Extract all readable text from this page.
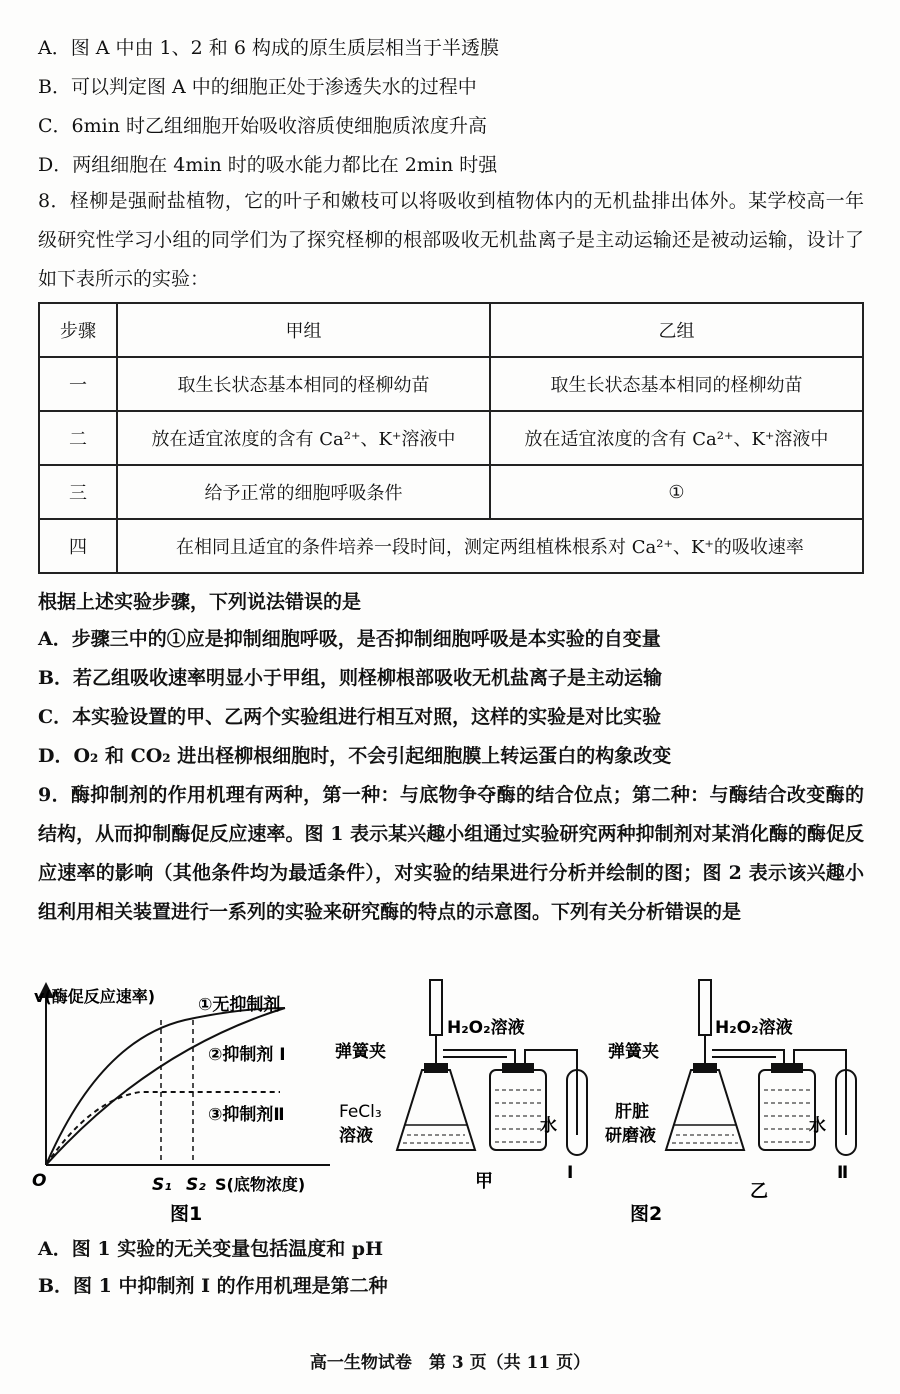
A．图 A 中由 1、2 和 6 构成的原生质层相当于半透膜
B．可以判定图 A 中的细胞正处于渗透失水的过程中
C．6min 时乙组细胞开始吸收溶质使细胞质浓度升高
D．两组细胞在 4min 时的吸水能力都比在 2min 时强
8．柽柳是强耐盐植物，它的叶子和嫩枝可以将吸收到植物体内的无机盐排出体外。某学校高一年级研究性学习小组的同学们为了探究柽柳的根部吸收无机盐离子是主动运输还是被动运输，设计了如下表所示的实验：
步骤	甲组	乙组
一	取生长状态基本相同的柽柳幼苗	取生长状态基本相同的柽柳幼苗
二	放在适宜浓度的含有 Ca²⁺、K⁺溶液中	放在适宜浓度的含有 Ca²⁺、K⁺溶液中
三	给予正常的细胞呼吸条件	①
四	在相同且适宜的条件培养一段时间，测定两组植株根系对 Ca²⁺、K⁺的吸收速率	
根据上述实验步骤，下列说法错误的是
A．步骤三中的①应是抑制细胞呼吸，是否抑制细胞呼吸是本实验的自变量
B．若乙组吸收速率明显小于甲组，则柽柳根部吸收无机盐离子是主动运输
C．本实验设置的甲、乙两个实验组进行相互对照，这样的实验是对比实验
D．O₂ 和 CO₂ 进出柽柳根细胞时，不会引起细胞膜上转运蛋白的构象改变
9．酶抑制剂的作用机理有两种，第一种：与底物争夺酶的结合位点；第二种：与酶结合改变酶的结构，从而抑制酶促反应速率。图 1 表示某兴趣小组通过实验研究两种抑制剂对某消化酶的酶促反应速率的影响（其他条件均为最适条件），对实验的结果进行分析并绘制的图；图 2 表示该兴趣小组利用相关装置进行一系列的实验来研究酶的特点的示意图。下列有关分析错误的是
v(酶促反应速率)	①无抑制剂
②抑制剂 I
③抑制剂Ⅱ
O	S₁ S₂ S(底物浓度)
图1
H₂O₂溶液
弹簧夹
FeCl₃
溶液	水
I
甲
H₂O₂溶液
弹簧夹
肝脏
研磨液	水
Ⅱ
乙
图2
A．图 1 实验的无关变量包括温度和 pH
B．图 1 中抑制剂 I 的作用机理是第二种
高一生物试卷　第 3 页（共 11 页）
